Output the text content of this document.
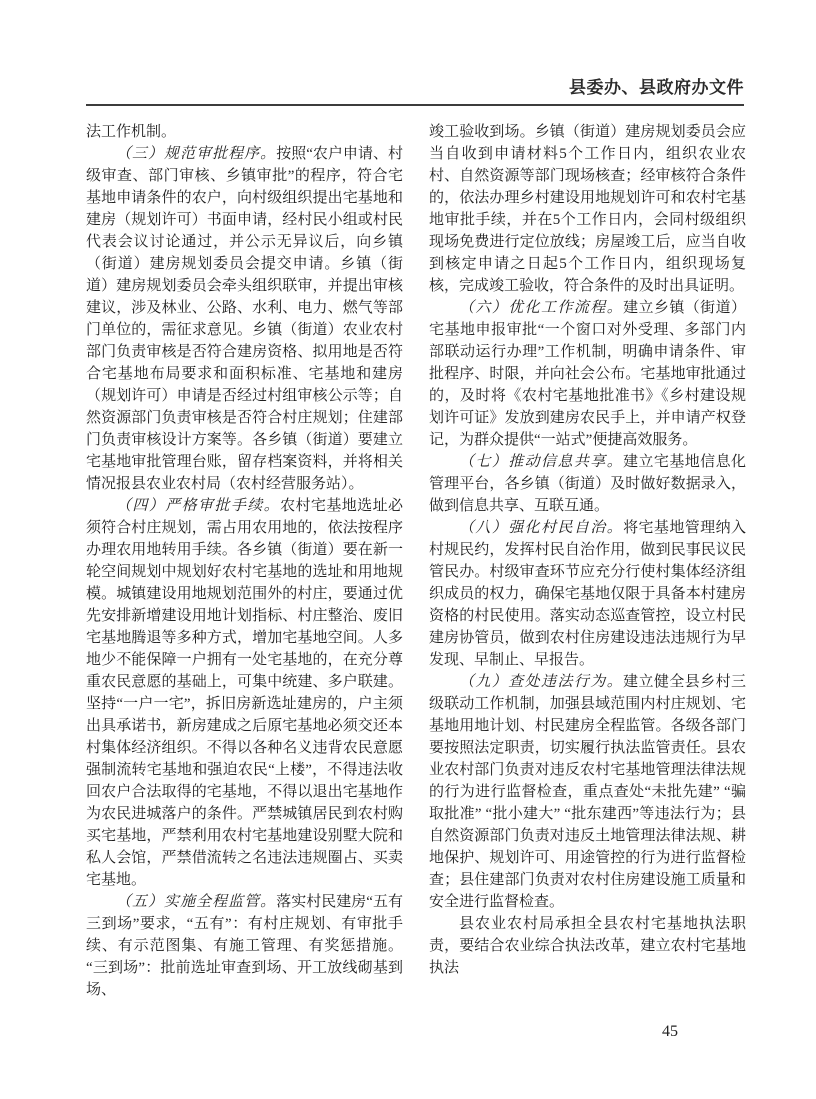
县委办、县政府办文件

法工作机制。

（三）规范审批程序。按照“农户申请、村级审查、部门审核、乡镇审批”的程序，符合宅基地申请条件的农户，向村级组织提出宅基地和建房（规划许可）书面申请，经村民小组或村民代表会议讨论通过，并公示无异议后，向乡镇（街道）建房规划委员会提交申请。乡镇（街道）建房规划委员会牵头组织联审，并提出审核建议，涉及林业、公路、水利、电力、燃气等部门单位的，需征求意见。乡镇（街道）农业农村部门负责审核是否符合建房资格、拟用地是否符合宅基地布局要求和面积标准、宅基地和建房（规划许可）申请是否经过村组审核公示等；自然资源部门负责审核是否符合村庄规划；住建部门负责审核设计方案等。各乡镇（街道）要建立宅基地审批管理台账，留存档案资料，并将相关情况报县农业农村局（农村经营服务站）。

（四）严格审批手续。农村宅基地选址必须符合村庄规划，需占用农用地的，依法按程序办理农用地转用手续。各乡镇（街道）要在新一轮空间规划中规划好农村宅基地的选址和用地规模。城镇建设用地规划范围外的村庄，要通过优先安排新增建设用地计划指标、村庄整治、废旧宅基地腾退等多种方式，增加宅基地空间。人多地少不能保障一户拥有一处宅基地的，在充分尊重农民意愿的基础上，可集中统建、多户联建。坚持“一户一宅”，拆旧房新选址建房的，户主须出具承诺书，新房建成之后原宅基地必须交还本村集体经济组织。不得以各种名义违背农民意愿强制流转宅基地和强迫农民“上楼”，不得违法收回农户合法取得的宅基地，不得以退出宅基地作为农民进城落户的条件。严禁城镇居民到农村购买宅基地，严禁利用农村宅基地建设别墅大院和私人会馆，严禁借流转之名违法违规圈占、买卖宅基地。

（五）实施全程监管。落实村民建房“五有三到场”要求，“五有”：有村庄规划、有审批手续、有示范图集、有施工管理、有奖惩措施。“三到场”：批前选址审查到场、开工放线砌基到场、

竣工验收到场。乡镇（街道）建房规划委员会应当自收到申请材料5个工作日内，组织农业农村、自然资源等部门现场核查；经审核符合条件的，依法办理乡村建设用地规划许可和农村宅基地审批手续，并在5个工作日内，会同村级组织现场免费进行定位放线；房屋竣工后，应当自收到核定申请之日起5个工作日内，组织现场复核，完成竣工验收，符合条件的及时出具证明。

（六）优化工作流程。建立乡镇（街道）宅基地申报审批“一个窗口对外受理、多部门内部联动运行办理”工作机制，明确申请条件、审批程序、时限，并向社会公布。宅基地审批通过的，及时将《农村宅基地批准书》《乡村建设规划许可证》发放到建房农民手上，并申请产权登记，为群众提供“一站式”便捷高效服务。

（七）推动信息共享。建立宅基地信息化管理平台，各乡镇（街道）及时做好数据录入，做到信息共享、互联互通。

（八）强化村民自治。将宅基地管理纳入村规民约，发挥村民自治作用，做到民事民议民管民办。村级审查环节应充分行使村集体经济组织成员的权力，确保宅基地仅限于具备本村建房资格的村民使用。落实动态巡查管控，设立村民建房协管员，做到农村住房建设违法违规行为早发现、早制止、早报告。

（九）查处违法行为。建立健全县乡村三级联动工作机制，加强县域范围内村庄规划、宅基地用地计划、村民建房全程监管。各级各部门要按照法定职责，切实履行执法监管责任。县农业农村部门负责对违反农村宅基地管理法律法规的行为进行监督检查，重点查处“未批先建” “骗取批准” “批小建大” “批东建西”等违法行为；县自然资源部门负责对违反土地管理法律法规、耕地保护、规划许可、用途管控的行为进行监督检查；县住建部门负责对农村住房建设施工质量和安全进行监督检查。

县农业农村局承担全县农村宅基地执法职责，要结合农业综合执法改革，建立农村宅基地执法

45
